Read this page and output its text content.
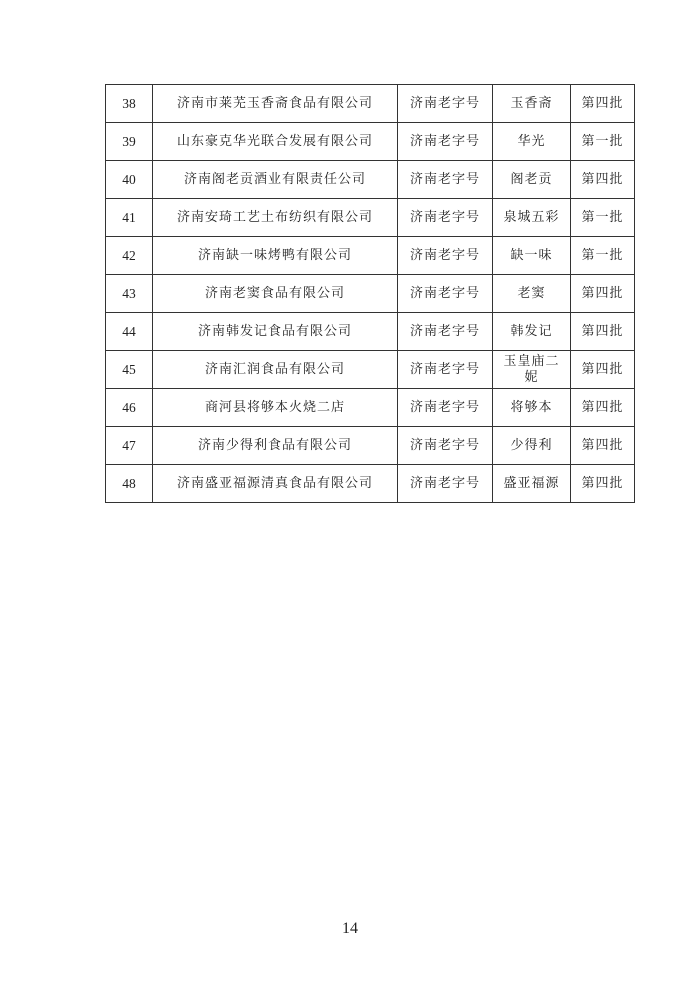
38	济南市莱芜玉香斋食品有限公司	济南老字号	玉香斋	第四批
39	山东豪克华光联合发展有限公司	济南老字号	华光	第一批
40	济南阁老贡酒业有限责任公司	济南老字号	阁老贡	第四批
41	济南安琦工艺土布纺织有限公司	济南老字号	泉城五彩	第一批
42	济南缺一味烤鸭有限公司	济南老字号	缺一味	第一批
43	济南老窦食品有限公司	济南老字号	老窦	第四批
44	济南韩发记食品有限公司	济南老字号	韩发记	第四批
45	济南汇润食品有限公司	济南老字号	玉皇庙二妮	第四批
46	商河县将够本火烧二店	济南老字号	将够本	第四批
47	济南少得利食品有限公司	济南老字号	少得利	第四批
48	济南盛亚福源清真食品有限公司	济南老字号	盛亚福源	第四批
14
